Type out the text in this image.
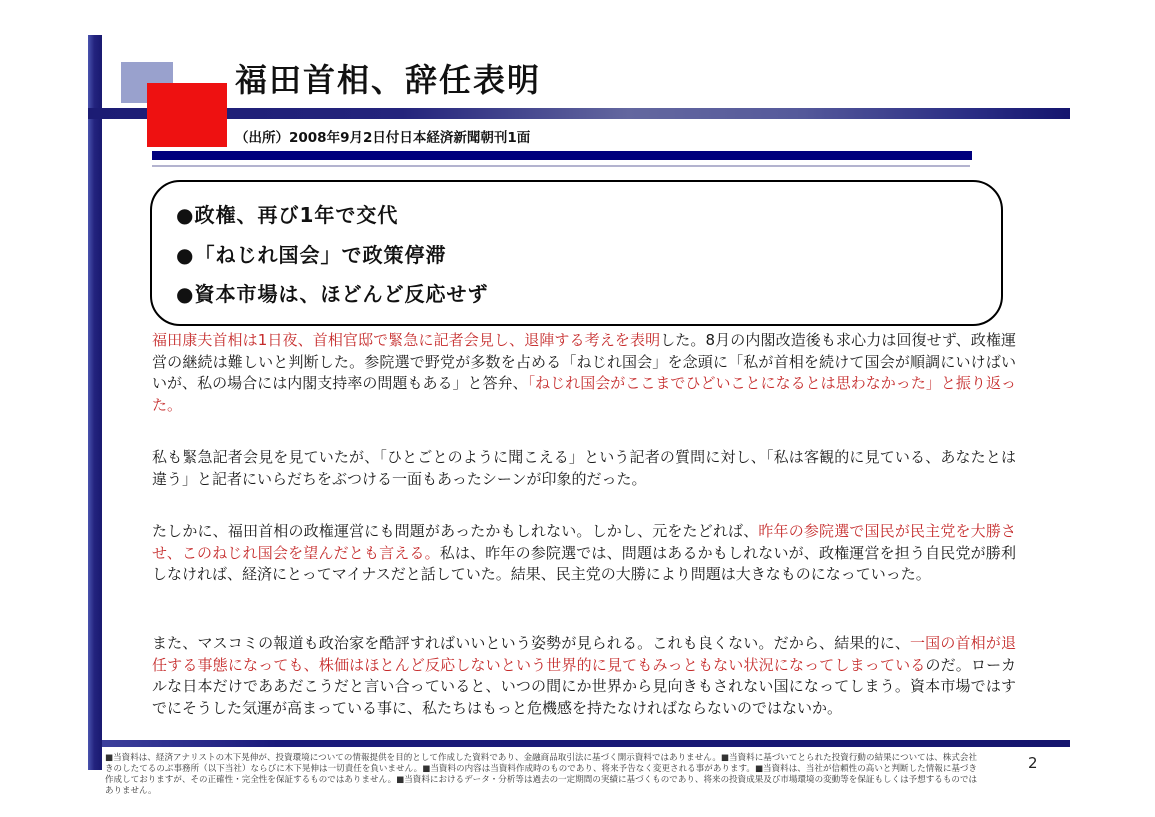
福田首相、辞任表明
（出所）2008年9月2日付日本経済新聞朝刊1面
●政権、再び1年で交代
●「ねじれ国会」で政策停滞
●資本市場は、ほどんど反応せず
福田康夫首相は1日夜、首相官邸で緊急に記者会見し、退陣する考えを表明した。8月の内閣改造後も求心力は回復せず、政権運営の継続は難しいと判断した。参院選で野党が多数を占める「ねじれ国会」を念頭に「私が首相を続けて国会が順調にいけばいいが、私の場合には内閣支持率の問題もある」と答弁、「ねじれ国会がここまでひどいことになるとは思わなかった」と振り返った。
私も緊急記者会見を見ていたが、「ひとごとのように聞こえる」という記者の質問に対し、「私は客観的に見ている、あなたとは違う」と記者にいらだちをぶつける一面もあったシーンが印象的だった。
たしかに、福田首相の政権運営にも問題があったかもしれない。しかし、元をたどれば、昨年の参院選で国民が民主党を大勝させ、このねじれ国会を望んだとも言える。私は、昨年の参院選では、問題はあるかもしれないが、政権運営を担う自民党が勝利しなければ、経済にとってマイナスだと話していた。結果、民主党の大勝により問題は大きなものになっていった。
また、マスコミの報道も政治家を酷評すればいいという姿勢が見られる。これも良くない。だから、結果的に、一国の首相が退任する事態になっても、株価はほとんど反応しないという世界的に見てもみっともない状況になってしまっているのだ。ローカルな日本だけでああだこうだと言い合っていると、いつの間にか世界から見向きもされない国になってしまう。資本市場ではすでにそうした気運が高まっている事に、私たちはもっと危機感を持たなければならないのではないか。
■当資料は、経済アナリストの木下晃伸が、投資環境についての情報提供を目的として作成した資料であり、金融商品取引法に基づく開示資料ではありません。■当資料に基づいてとられた投資行動の結果については、株式会社きのしたてるのぶ事務所（以下当社）ならびに木下晃伸は一切責任を負いません。■当資料の内容は当資料作成時のものであり、将来予告なく変更される事があります。■当資料は、当社が信頼性の高いと判断した情報に基づき作成しておりますが、その正確性・完全性を保証するものではありません。■当資料におけるデータ・分析等は過去の一定期間の実績に基づくものであり、将来の投資成果及び市場環境の変動等を保証もしくは予想するものではありません。
2
